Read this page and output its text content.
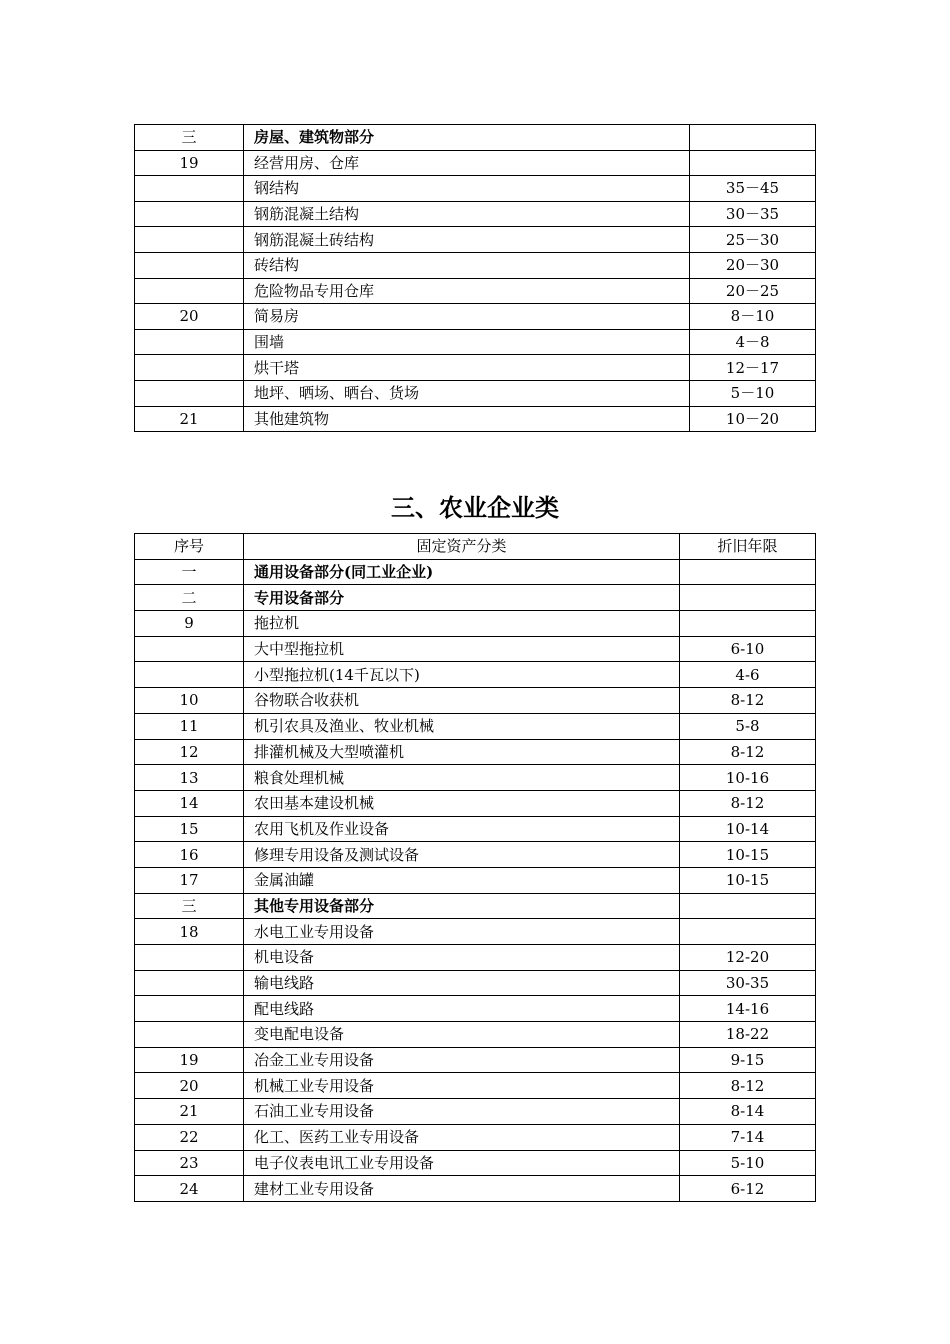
三	房屋、建筑物部分	
19	经营用房、仓库	
	钢结构	35－45
	钢筋混凝土结构	30－35
	钢筋混凝土砖结构	25－30
	砖结构	20－30
	危险物品专用仓库	20－25
20	简易房	8－10
	围墙	4－8
	烘干塔	12－17
	地坪、晒场、晒台、货场	5－10
21	其他建筑物	10－20
三、农业企业类
序号	固定资产分类	折旧年限
一	通用设备部分(同工业企业)	
二	专用设备部分	
9	拖拉机	
	大中型拖拉机	6-10
	小型拖拉机(14千瓦以下)	4-6
10	谷物联合收获机	8-12
11	机引农具及渔业、牧业机械	5-8
12	排灌机械及大型喷灌机	8-12
13	粮食处理机械	10-16
14	农田基本建设机械	8-12
15	农用飞机及作业设备	10-14
16	修理专用设备及测试设备	10-15
17	金属油罐	10-15
三	其他专用设备部分	
18	水电工业专用设备	
	机电设备	12-20
	输电线路	30-35
	配电线路	14-16
	变电配电设备	18-22
19	冶金工业专用设备	9-15
20	机械工业专用设备	8-12
21	石油工业专用设备	8-14
22	化工、医药工业专用设备	7-14
23	电子仪表电讯工业专用设备	5-10
24	建材工业专用设备	6-12
